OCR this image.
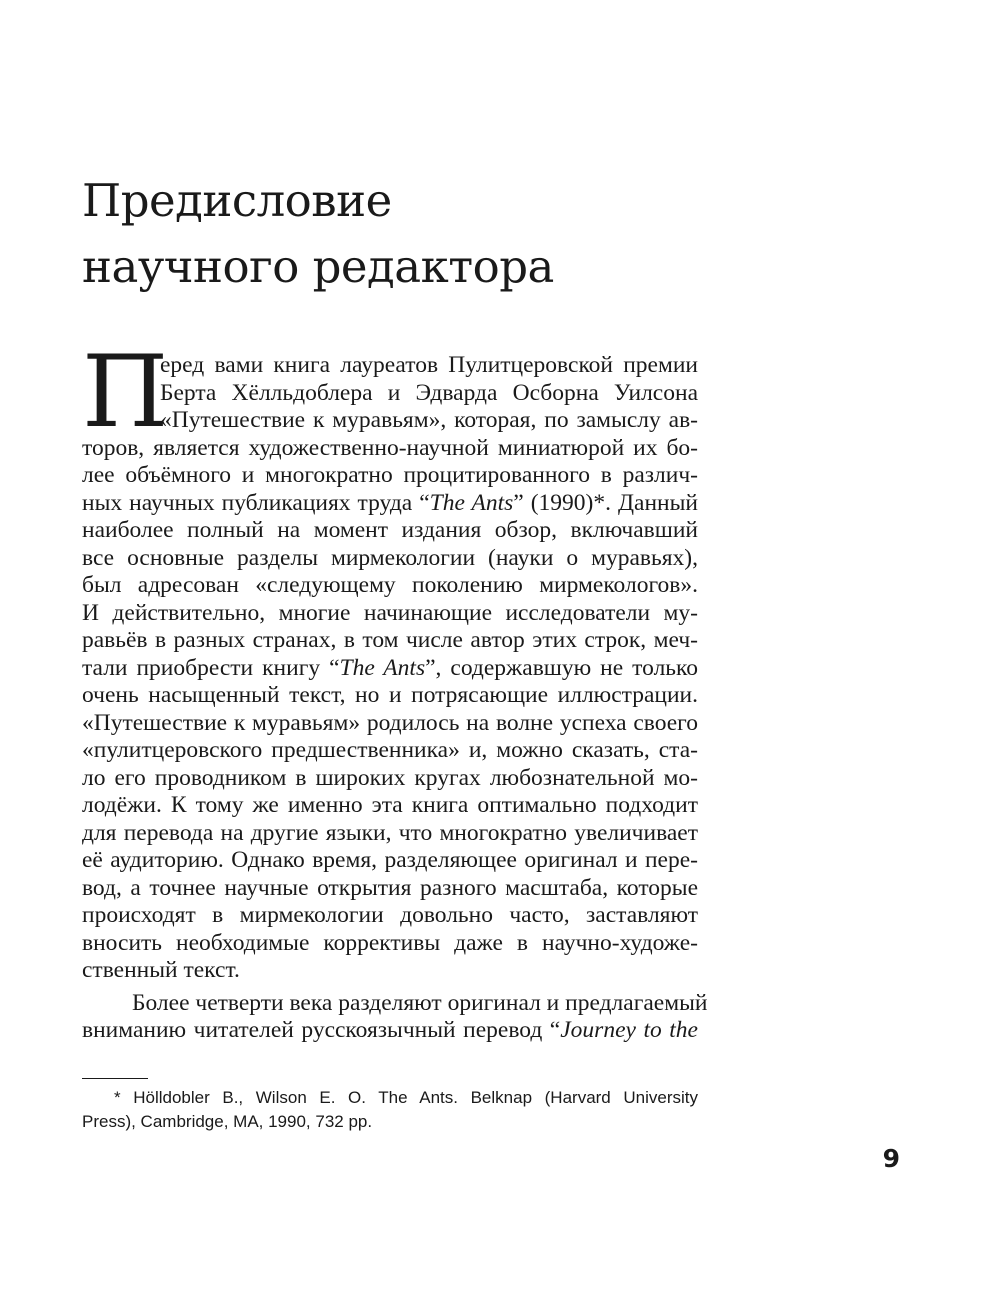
Предисловие
научного редактора
П
еред вами книга лауреатов Пулитцеровской премии
Берта Хёлльдоблера и Эдварда Осборна Уилсона
«Путешествие к муравьям», которая, по замыслу ав-
торов, является художественно-научной миниатюрой их бо-
лее объёмного и многократно процитированного в различ-
ных научных публикациях труда “The Ants” (1990)*. Данный
наиболее полный на момент издания обзор, включавший
все основные разделы мирмекологии (науки о муравьях),
был адресован «следующему поколению мирмекологов».
И действительно, многие начинающие исследователи му-
равьёв в разных странах, в том числе автор этих строк, меч-
тали приобрести книгу “The Ants”, содержавшую не только
очень насыщенный текст, но и потрясающие иллюстрации.
«Путешествие к муравьям» родилось на волне успеха своего
«пулитцеровского предшественника» и, можно сказать, ста-
ло его проводником в широких кругах любознательной мо-
лодёжи. К тому же именно эта книга оптимально подходит
для перевода на другие языки, что многократно увеличивает
её аудиторию. Однако время, разделяющее оригинал и пере-
вод, а точнее научные открытия разного масштаба, которые
происходят в мирмекологии довольно часто, заставляют
вносить необходимые коррективы даже в научно-художе-
ственный текст.
Более четверти века разделяют оригинал и предлагаемый
вниманию читателей русскоязычный перевод “Journey to the
* Hölldobler B., Wilson E. O. The Ants. Belknap (Harvard University
Press), Cambridge, MA, 1990, 732 pp.
9
